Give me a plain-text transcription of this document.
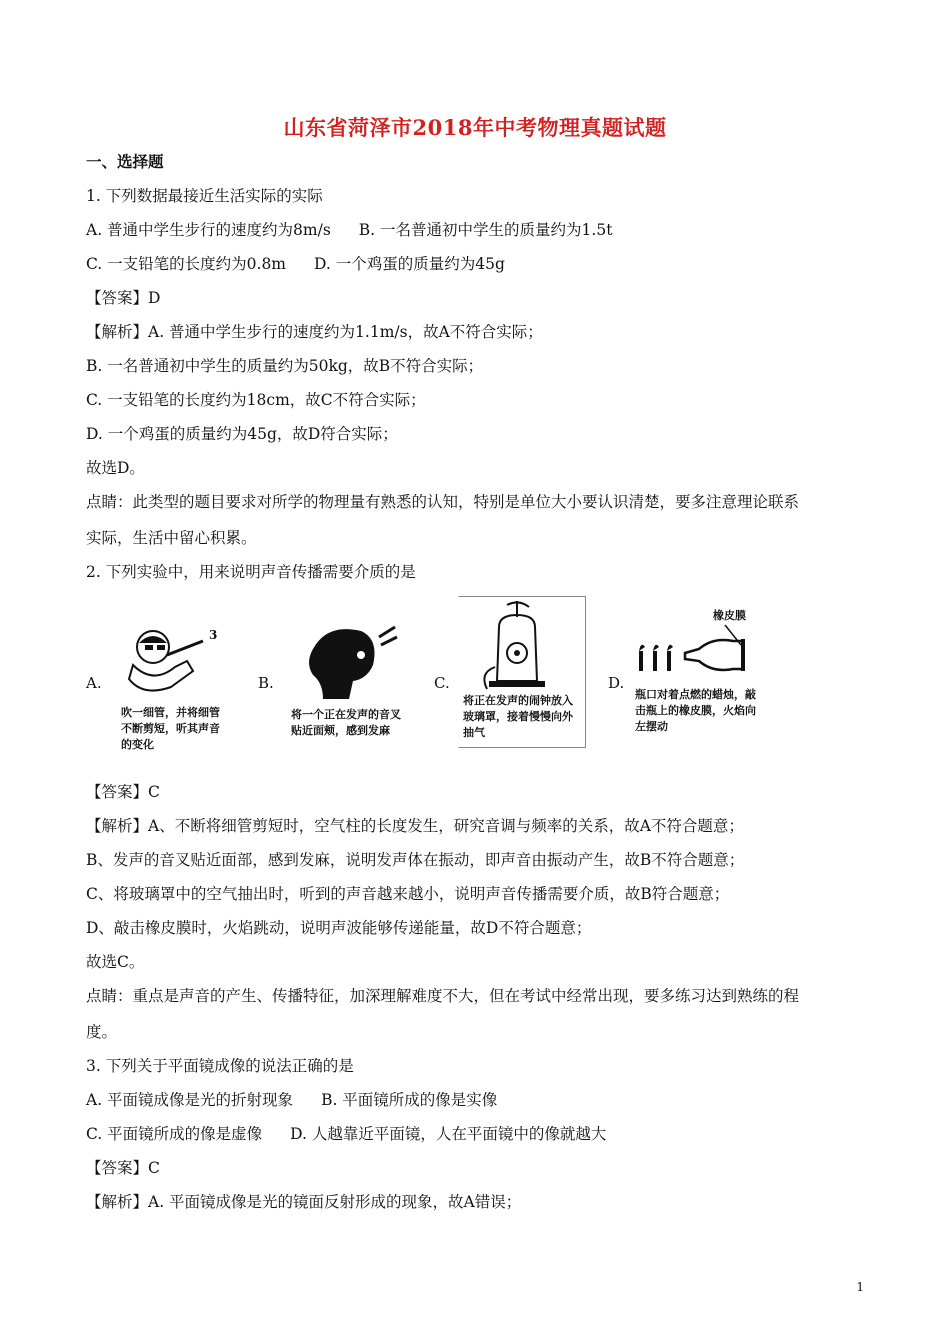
山东省菏泽市2018年中考物理真题试题
一、选择题
1. 下列数据最接近生活实际的实际
A. 普通中学生步行的速度约为8m/s B. 一名普通初中学生的质量约为1.5t
C. 一支铅笔的长度约为0.8m D. 一个鸡蛋的质量约为45g
【答案】D
【解析】A. 普通中学生步行的速度约为1.1m/s，故A不符合实际；
B. 一名普通初中学生的质量约为50kg，故B不符合实际；
C. 一支铅笔的长度约为18cm，故C不符合实际；
D. 一个鸡蛋的质量约为45g，故D符合实际；
故选D。
点睛：此类型的题目要求对所学的物理量有熟悉的认知，特别是单位大小要认识清楚，要多注意理论联系
实际，生活中留心积累。
2. 下列实验中，用来说明声音传播需要介质的是
A.
3
吹一细管，并将细管不断剪短，听其声音的变化
B.
将一个正在发声的音叉贴近面颊，感到发麻
C.
将正在发声的闹钟放入玻璃罩，接着慢慢向外抽气
D.
橡皮膜
瓶口对着点燃的蜡烛，敲击瓶上的橡皮膜，火焰向左摆动
【答案】C
【解析】A、不断将细管剪短时，空气柱的长度发生，研究音调与频率的关系，故A不符合题意；
B、发声的音叉贴近面部，感到发麻，说明发声体在振动，即声音由振动产生，故B不符合题意；
C、将玻璃罩中的空气抽出时，听到的声音越来越小，说明声音传播需要介质，故B符合题意；
D、敲击橡皮膜时，火焰跳动，说明声波能够传递能量，故D不符合题意；
故选C。
点睛：重点是声音的产生、传播特征，加深理解难度不大，但在考试中经常出现，要多练习达到熟练的程
度。
3. 下列关于平面镜成像的说法正确的是
A. 平面镜成像是光的折射现象 B. 平面镜所成的像是实像
C. 平面镜所成的像是虚像 D. 人越靠近平面镜，人在平面镜中的像就越大
【答案】C
【解析】A. 平面镜成像是光的镜面反射形成的现象，故A错误；
1
